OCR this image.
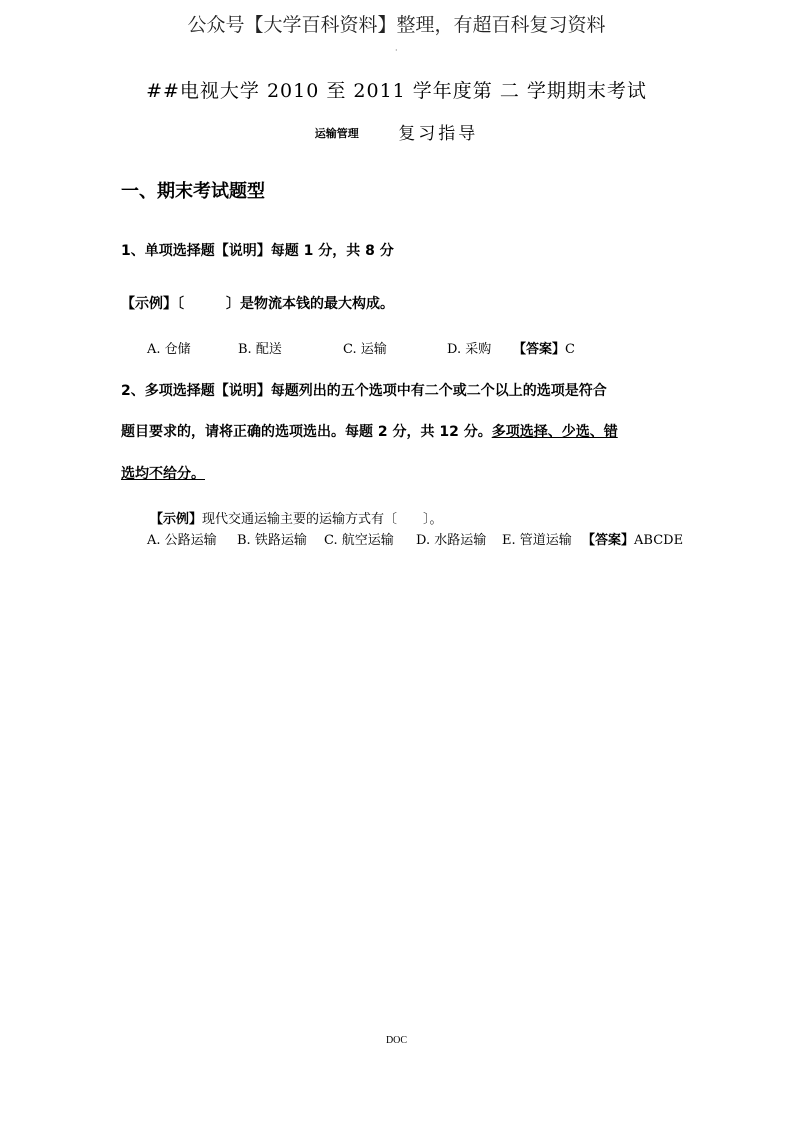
公众号【大学百科资料】整理，有超百科复习资料
·
##电视大学 2010 至 2011 学年度第 二 学期期末考试
运输管理 复习指导
一、期末考试题型
1、单项选择题【说明】每题 1 分，共 8 分
【示例】〔　　　〕是物流本钱的最大构成。
A. 仓储	B. 配送	C. 运输	D. 采购 【答案】C
2、多项选择题【说明】每题列出的五个选项中有二个或二个以上的选项是符合
题目要求的，请将正确的选项选出。每题 2 分，共 12 分。多项选择、少选、错
选均不给分。
【示例】现代交通运输主要的运输方式有〔　　〕。
A. 公路运输 B. 铁路运输 C. 航空运输 D. 水路运输 E. 管道运输 【答案】ABCDE
DOC
